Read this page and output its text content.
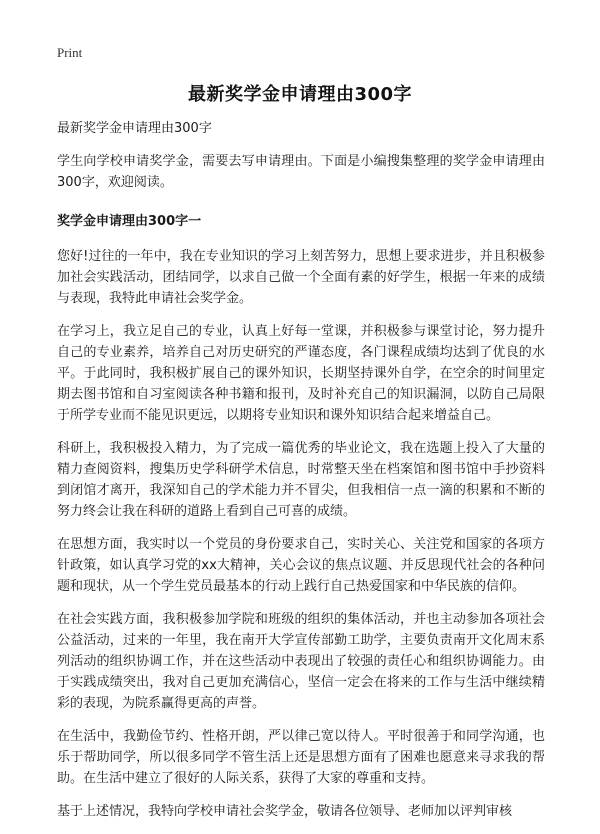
Print
最新奖学金申请理由300字

最新奖学金申请理由300字

学生向学校申请奖学金，需要去写申请理由。下面是小编搜集整理的奖学金申请理由300字，欢迎阅读。

奖学金申请理由300字一

您好!过往的一年中，我在专业知识的学习上刻苦努力，思想上要求进步，并且积极参加社会实践活动，团结同学，以求自己做一个全面有素的好学生，根据一年来的成绩与表现，我特此申请社会奖学金。

在学习上，我立足自己的专业，认真上好每一堂课，并积极参与课堂讨论，努力提升自己的专业素养，培养自己对历史研究的严谨态度，各门课程成绩均达到了优良的水平。于此同时，我积极扩展自己的课外知识，长期坚持课外自学，在空余的时间里定期去图书馆和自习室阅读各种书籍和报刊，及时补充自己的知识漏洞，以防自己局限于所学专业而不能见识更远，以期将专业知识和课外知识结合起来增益自己。

科研上，我积极投入精力，为了完成一篇优秀的毕业论文，我在选题上投入了大量的精力查阅资料，搜集历史学科研学术信息，时常整天坐在档案馆和图书馆中手抄资料到闭馆才离开，我深知自己的学术能力并不冒尖，但我相信一点一滴的积累和不断的努力终会让我在科研的道路上看到自己可喜的成绩。

在思想方面，我实时以一个党员的身份要求自己，实时关心、关注党和国家的各项方针政策，如认真学习党的xx大精神，关心会议的焦点议题、并反思现代社会的各种问题和现状，从一个学生党员最基本的行动上践行自己热爱国家和中华民族的信仰。

在社会实践方面，我积极参加学院和班级的组织的集体活动，并也主动参加各项社会公益活动，过来的一年里，我在南开大学宣传部勤工助学，主要负责南开文化周末系列活动的组织协调工作，并在这些活动中表现出了较强的责任心和组织协调能力。由于实践成绩突出，我对自己更加充满信心，坚信一定会在将来的工作与生活中继续精彩的表现，为院系赢得更高的声誉。

在生活中，我勤俭节约、性格开朗，严以律己宽以待人。平时很善于和同学沟通，也乐于帮助同学，所以很多同学不管生活上还是思想方面有了困难也愿意来寻求我的帮助。在生活中建立了很好的人际关系，获得了大家的尊重和支持。

基于上述情况，我特向学校申请社会奖学金，敬请各位领导、老师加以评判审核
